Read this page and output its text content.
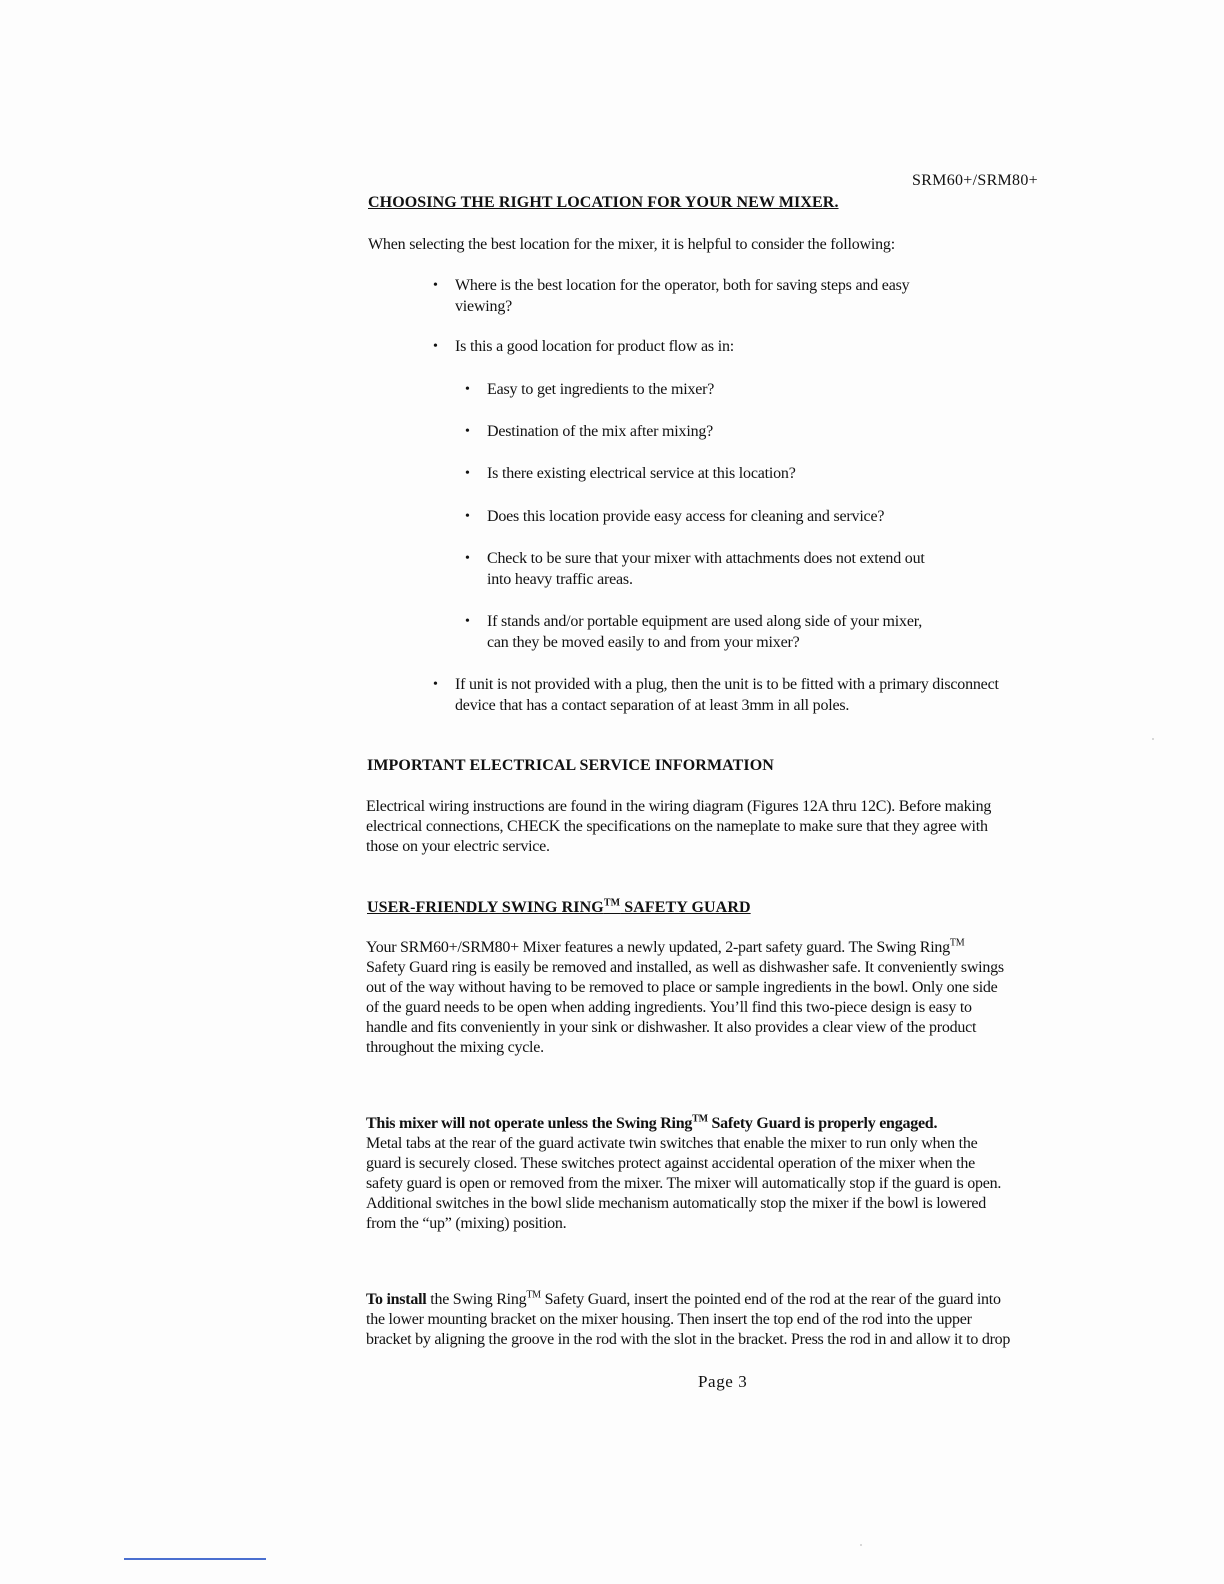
SRM60+/SRM80+
CHOOSING THE RIGHT LOCATION FOR YOUR NEW MIXER.
When selecting the best location for the mixer, it is helpful to consider the following:
•	Where is the best location for the operator, both for saving steps and easy
viewing?
•	Is this a good location for product flow as in:
•	Easy to get ingredients to the mixer?
•	Destination of the mix after mixing?
•	Is there existing electrical service at this location?
•	Does this location provide easy access for cleaning and service?
•	Check to be sure that your mixer with attachments does not extend out
into heavy traffic areas.
•	If stands and/or portable equipment are used along side of your mixer,
can they be moved easily to and from your mixer?
•	If unit is not provided with a plug, then the unit is to be fitted with a primary disconnect
device that has a contact separation of at least 3mm in all poles.
IMPORTANT ELECTRICAL SERVICE INFORMATION
Electrical wiring instructions are found in the wiring diagram (Figures 12A thru 12C). Before making
electrical connections, CHECK the specifications on the nameplate to make sure that they agree with
those on your electric service.
USER-FRIENDLY SWING RING™ SAFETY GUARD
Your SRM60+/SRM80+ Mixer features a newly updated, 2-part safety guard. The Swing Ring™
Safety Guard ring is easily be removed and installed, as well as dishwasher safe. It conveniently swings
out of the way without having to be removed to place or sample ingredients in the bowl. Only one side
of the guard needs to be open when adding ingredients. You’ll find this two-piece design is easy to
handle and fits conveniently in your sink or dishwasher. It also provides a clear view of the product
throughout the mixing cycle.
This mixer will not operate unless the Swing Ring™ Safety Guard is properly engaged.
Metal tabs at the rear of the guard activate twin switches that enable the mixer to run only when the
guard is securely closed. These switches protect against accidental operation of the mixer when the
safety guard is open or removed from the mixer. The mixer will automatically stop if the guard is open.
Additional switches in the bowl slide mechanism automatically stop the mixer if the bowl is lowered
from the “up” (mixing) position.
To install the Swing Ring™ Safety Guard, insert the pointed end of the rod at the rear of the guard into
the lower mounting bracket on the mixer housing. Then insert the top end of the rod into the upper
bracket by aligning the groove in the rod with the slot in the bracket. Press the rod in and allow it to drop
Page 3
